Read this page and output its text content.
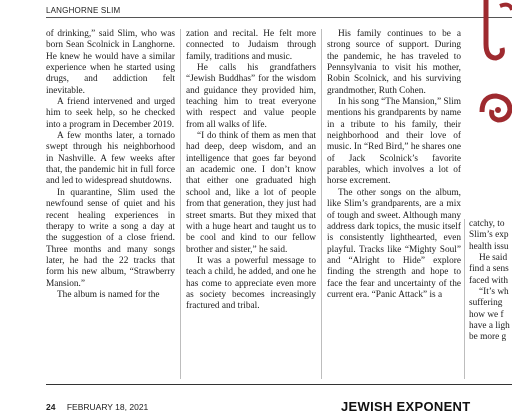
LANGHORNE SLIM

of drinking,” said Slim, who was born Sean Scolnick in Langhorne. He knew he would have a similar experience when he started using drugs, and addiction felt inevitable.

A friend intervened and urged him to seek help, so he checked into a program in December 2019.

A few months later, a tornado swept through his neighborhood in Nashville. A few weeks after that, the pandemic hit in full force and led to widespread shutdowns.

In quarantine, Slim used the newfound sense of quiet and his recent healing experiences in therapy to write a song a day at the suggestion of a close friend. Three months and many songs later, he had the 22 tracks that form his new album, “Strawberry Mansion.”

The album is named for the

zation and recital. He felt more connected to Judaism through family, traditions and music.

He calls his grandfathers “Jewish Buddhas” for the wisdom and guidance they provided him, teaching him to treat everyone with respect and value people from all walks of life.

“I do think of them as men that had deep, deep wisdom, and an intelligence that goes far beyond an academic one. I don’t know that either one graduated high school and, like a lot of people from that generation, they just had street smarts. But they mixed that with a huge heart and taught us to be cool and kind to our fellow brother and sister,” he said.

It was a powerful message to teach a child, he added, and one he has come to appreciate even more as society becomes increasingly fractured and tribal.

His family continues to be a strong source of support. During the pandemic, he has traveled to Pennsylvania to visit his mother, Robin Scolnick, and his surviving grandmother, Ruth Cohen.

In his song “The Mansion,” Slim mentions his grandparents by name in a tribute to his family, their neighborhood and their love of music. In “Red Bird,” he shares one of Jack Scolnick’s favorite parables, which involves a lot of horse excrement.

The other songs on the album, like Slim’s grandparents, are a mix of tough and sweet. Although many address dark topics, the music itself is consistently lighthearted, even playful. Tracks like “Mighty Soul” and “Alright to Hide” explore finding the strength and hope to face the fear and uncertainty of the current era. “Panic Attack” is a

catchy, to

Slim’s exp

health issu

He said

find a sens

faced with

“It’s wh

suffering

how we f

have a ligh

be more g

24 FEBRUARY 18, 2021	JEWISH EXPONENT
